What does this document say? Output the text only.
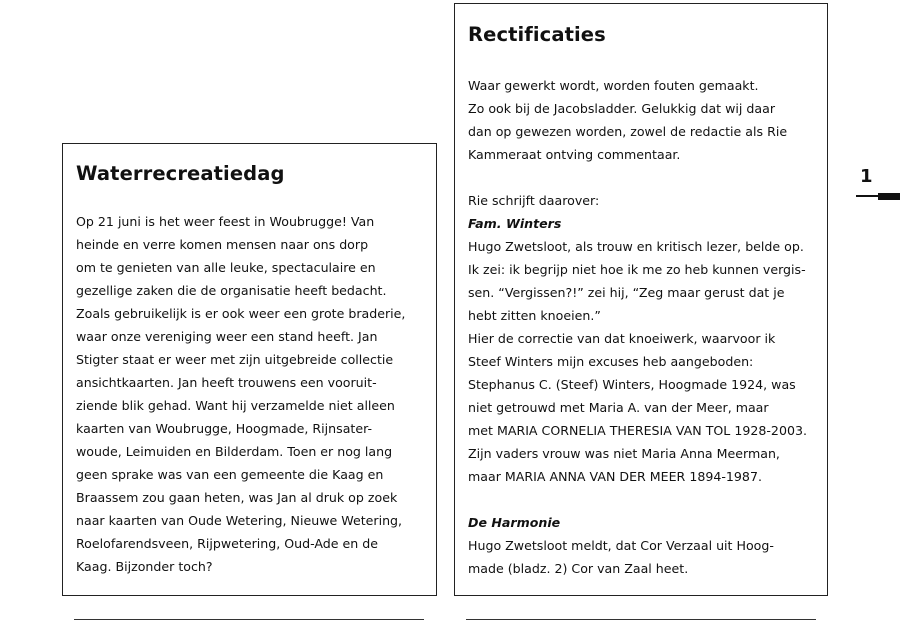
1
Waterrecreatiedag
Op 21 juni is het weer feest in Woubrugge! Van
heinde en verre komen mensen naar ons dorp
om te genieten van alle leuke, spectaculaire en
gezellige zaken die de organisatie heeft bedacht.
Zoals gebruikelijk is er ook weer een grote braderie,
waar onze vereniging weer een stand heeft. Jan
Stigter staat er weer met zijn uitgebreide collectie
ansichtkaarten. Jan heeft trouwens een vooruit-
ziende blik gehad. Want hij verzamelde niet alleen
kaarten van Woubrugge, Hoogmade, Rijnsater-
woude, Leimuiden en Bilderdam. Toen er nog lang
geen sprake was van een gemeente die Kaag en
Braassem zou gaan heten, was Jan al druk op zoek
naar kaarten van Oude Wetering, Nieuwe Wetering,
Roelofarendsveen, Rijpwetering, Oud-Ade en de
Kaag. Bijzonder toch?
Rectificaties
Waar gewerkt wordt, worden fouten gemaakt.
Zo ook bij de Jacobsladder. Gelukkig dat wij daar
dan op gewezen worden, zowel de redactie als Rie
Kammeraat ontving commentaar.
Rie schrijft daarover:
Fam. Winters
Hugo Zwetsloot, als trouw en kritisch lezer, belde op.
Ik zei: ik begrijp niet hoe ik me zo heb kunnen vergis-
sen. “Vergissen?!” zei hij, “Zeg maar gerust dat je
hebt zitten knoeien.”
Hier de correctie van dat knoeiwerk, waarvoor ik
Steef Winters mijn excuses heb aangeboden:
Stephanus C. (Steef) Winters, Hoogmade 1924, was
niet getrouwd met Maria A. van der Meer, maar
met MARIA CORNELIA THERESIA VAN TOL 1928-2003.
Zijn vaders vrouw was niet Maria Anna Meerman,
maar MARIA ANNA VAN DER MEER 1894-1987.
De Harmonie
Hugo Zwetsloot meldt, dat Cor Verzaal uit Hoog-
made (bladz. 2) Cor van Zaal heet.
